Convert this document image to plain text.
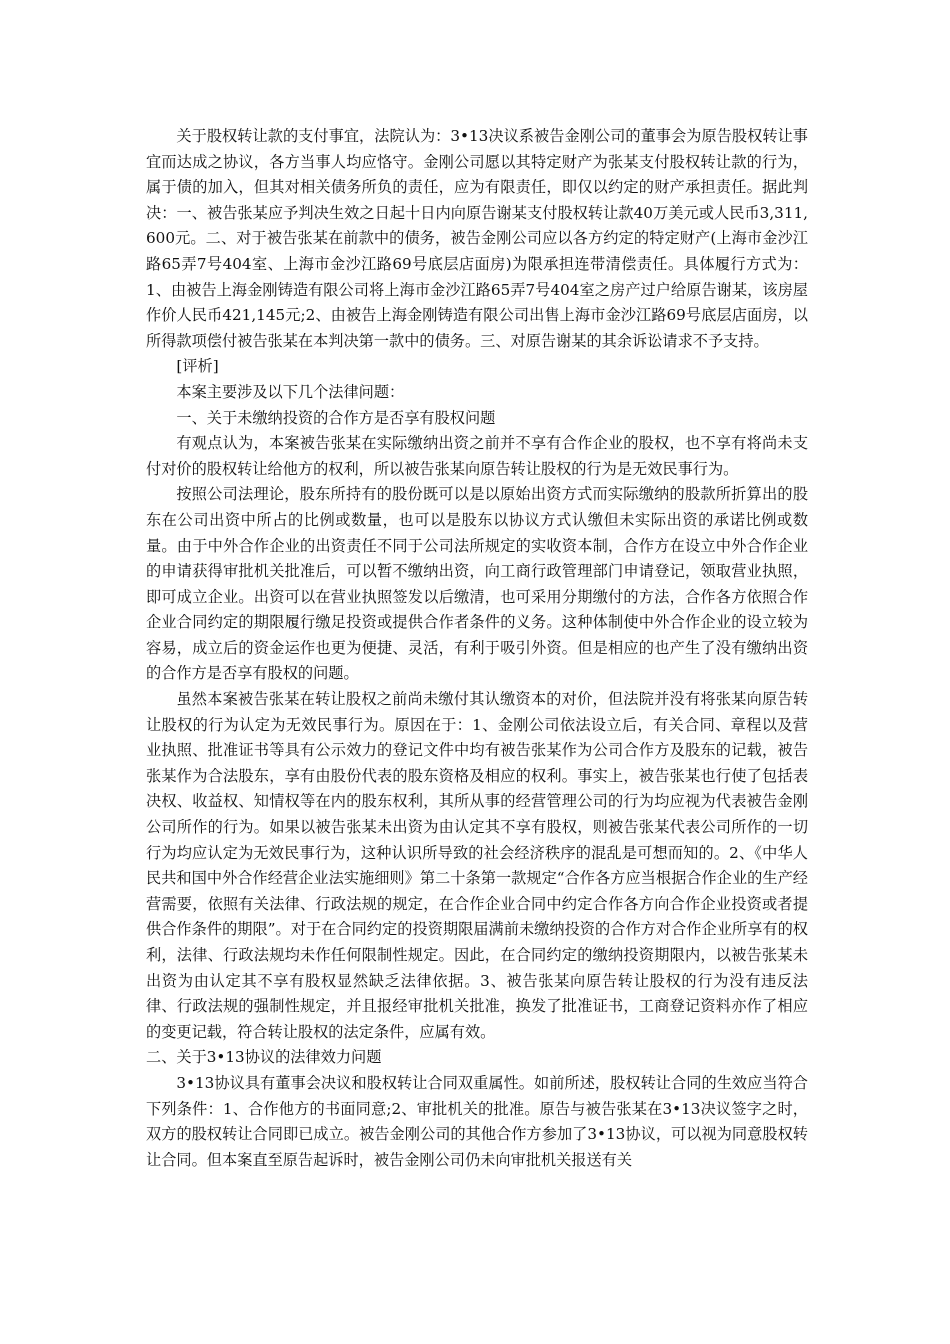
关于股权转让款的支付事宜，法院认为：3•13决议系被告金刚公司的董事会为原告股权转让事宜而达成之协议，各方当事人均应恪守。金刚公司愿以其特定财产为张某支付股权转让款的行为，属于债的加入，但其对相关债务所负的责任，应为有限责任，即仅以约定的财产承担责任。据此判决：一、被告张某应予判决生效之日起十日内向原告谢某支付股权转让款40万美元或人民币3,311,600元。二、对于被告张某在前款中的债务，被告金刚公司应以各方约定的特定财产(上海市金沙江路65弄7号404室、上海市金沙江路69号底层店面房)为限承担连带清偿责任。具体履行方式为：1、由被告上海金刚铸造有限公司将上海市金沙江路65弄7号404室之房产过户给原告谢某，该房屋作价人民币421,145元;2、由被告上海金刚铸造有限公司出售上海市金沙江路69号底层店面房，以所得款项偿付被告张某在本判决第一款中的债务。三、对原告谢某的其余诉讼请求不予支持。

[评析]

本案主要涉及以下几个法律问题：

一、关于未缴纳投资的合作方是否享有股权问题

有观点认为，本案被告张某在实际缴纳出资之前并不享有合作企业的股权，也不享有将尚未支付对价的股权转让给他方的权利，所以被告张某向原告转让股权的行为是无效民事行为。

按照公司法理论，股东所持有的股份既可以是以原始出资方式而实际缴纳的股款所折算出的股东在公司出资中所占的比例或数量，也可以是股东以协议方式认缴但未实际出资的承诺比例或数量。由于中外合作企业的出资责任不同于公司法所规定的实收资本制，合作方在设立中外合作企业的申请获得审批机关批准后，可以暂不缴纳出资，向工商行政管理部门申请登记，领取营业执照，即可成立企业。出资可以在营业执照签发以后缴清，也可采用分期缴付的方法，合作各方依照合作企业合同约定的期限履行缴足投资或提供合作者条件的义务。这种体制使中外合作企业的设立较为容易，成立后的资金运作也更为便捷、灵活，有利于吸引外资。但是相应的也产生了没有缴纳出资的合作方是否享有股权的问题。

虽然本案被告张某在转让股权之前尚未缴付其认缴资本的对价，但法院并没有将张某向原告转让股权的行为认定为无效民事行为。原因在于：1、金刚公司依法设立后，有关合同、章程以及营业执照、批准证书等具有公示效力的登记文件中均有被告张某作为公司合作方及股东的记载，被告张某作为合法股东，享有由股份代表的股东资格及相应的权利。事实上，被告张某也行使了包括表决权、收益权、知情权等在内的股东权利，其所从事的经营管理公司的行为均应视为代表被告金刚公司所作的行为。如果以被告张某未出资为由认定其不享有股权，则被告张某代表公司所作的一切行为均应认定为无效民事行为，这种认识所导致的社会经济秩序的混乱是可想而知的。2、《中华人民共和国中外合作经营企业法实施细则》第二十条第一款规定“合作各方应当根据合作企业的生产经营需要，依照有关法律、行政法规的规定，在合作企业合同中约定合作各方向合作企业投资或者提供合作条件的期限”。对于在合同约定的投资期限届满前未缴纳投资的合作方对合作企业所享有的权利，法律、行政法规均未作任何限制性规定。因此，在合同约定的缴纳投资期限内，以被告张某未出资为由认定其不享有股权显然缺乏法律依据。3、被告张某向原告转让股权的行为没有违反法律、行政法规的强制性规定，并且报经审批机关批准，换发了批准证书，工商登记资料亦作了相应的变更记载，符合转让股权的法定条件，应属有效。

二、关于3•13协议的法律效力问题

3•13协议具有董事会决议和股权转让合同双重属性。如前所述，股权转让合同的生效应当符合下列条件：1、合作他方的书面同意;2、审批机关的批准。原告与被告张某在3•13决议签字之时，双方的股权转让合同即已成立。被告金刚公司的其他合作方参加了3•13协议，可以视为同意股权转让合同。但本案直至原告起诉时，被告金刚公司仍未向审批机关报送有关
